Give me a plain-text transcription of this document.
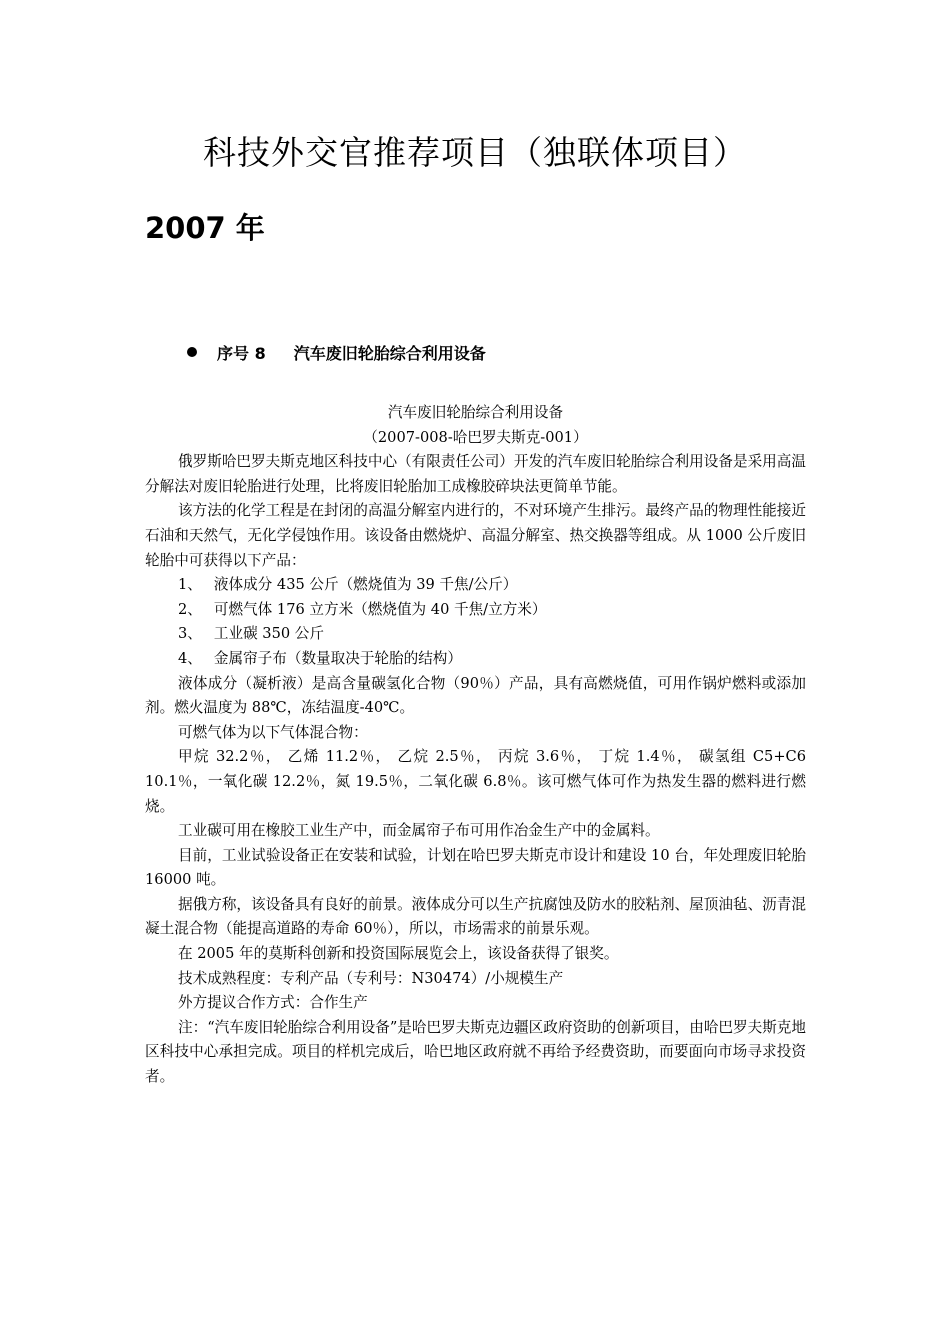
科技外交官推荐项目（独联体项目）
2007 年
序号 8 汽车废旧轮胎综合利用设备

汽车废旧轮胎综合利用设备

（2007-008-哈巴罗夫斯克-001）

俄罗斯哈巴罗夫斯克地区科技中心（有限责任公司）开发的汽车废旧轮胎综合利用设备是采用高温分解法对废旧轮胎进行处理，比将废旧轮胎加工成橡胶碎块法更简单节能。

该方法的化学工程是在封闭的高温分解室内进行的，不对环境产生排污。最终产品的物理性能接近石油和天然气，无化学侵蚀作用。该设备由燃烧炉、高温分解室、热交换器等组成。从 1000 公斤废旧轮胎中可获得以下产品：

1、 液体成分 435 公斤（燃烧值为 39 千焦/公斤）

2、 可燃气体 176 立方米（燃烧值为 40 千焦/立方米）

3、 工业碳 350 公斤

4、 金属帘子布（数量取决于轮胎的结构）

液体成分（凝析液）是高含量碳氢化合物（90％）产品，具有高燃烧值，可用作锅炉燃料或添加剂。燃火温度为 88℃，冻结温度-40℃。

可燃气体为以下气体混合物：

甲烷 32.2％， 乙烯 11.2％， 乙烷 2.5％， 丙烷 3.6％， 丁烷 1.4％， 碳氢组 C5+C6 10.1％，一氧化碳 12.2％，氮 19.5％，二氧化碳 6.8％。该可燃气体可作为热发生器的燃料进行燃烧。

工业碳可用在橡胶工业生产中，而金属帘子布可用作冶金生产中的金属料。

目前，工业试验设备正在安装和试验，计划在哈巴罗夫斯克市设计和建设 10 台，年处理废旧轮胎 16000 吨。

据俄方称，该设备具有良好的前景。液体成分可以生产抗腐蚀及防水的胶粘剂、屋顶油毡、沥青混凝土混合物（能提高道路的寿命 60％），所以，市场需求的前景乐观。

在 2005 年的莫斯科创新和投资国际展览会上，该设备获得了银奖。

技术成熟程度：专利产品（专利号：N30474）/小规模生产

外方提议合作方式：合作生产

注：“汽车废旧轮胎综合利用设备”是哈巴罗夫斯克边疆区政府资助的创新项目，由哈巴罗夫斯克地区科技中心承担完成。项目的样机完成后，哈巴地区政府就不再给予经费资助，而要面向市场寻求投资者。
